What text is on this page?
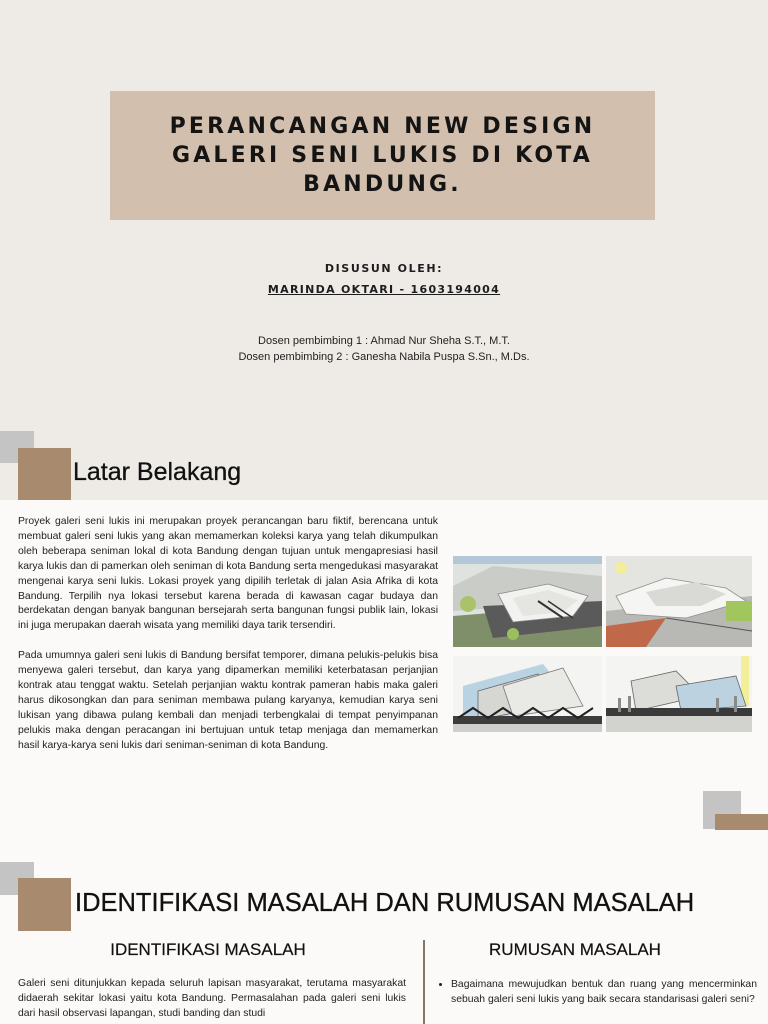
PERANCANGAN NEW DESIGN
GALERI SENI LUKIS DI KOTA
BANDUNG.
DISUSUN OLEH:
MARINDA OKTARI - 1603194004
Dosen pembimbing 1 : Ahmad Nur Sheha S.T., M.T.
Dosen pembimbing 2 : Ganesha Nabila Puspa S.Sn., M.Ds.
Latar Belakang

Proyek galeri seni lukis ini merupakan proyek perancangan baru fiktif, berencana untuk membuat galeri seni lukis yang akan memamerkan koleksi karya yang telah dikumpulkan oleh beberapa seniman lokal di kota Bandung dengan tujuan untuk mengapresiasi hasil karya lukis dan di pamerkan oleh seniman di kota Bandung serta mengedukasi masyarakat mengenai karya seni lukis. Lokasi proyek yang dipilih terletak di jalan Asia Afrika di kota Bandung. Terpilih nya lokasi tersebut karena berada di kawasan cagar budaya dan berdekatan dengan banyak bangunan bersejarah serta bangunan fungsi publik lain, lokasi ini juga merupakan daerah wisata yang memiliki daya tarik tersendiri.

Pada umumnya galeri seni lukis di Bandung bersifat temporer, dimana pelukis-pelukis bisa menyewa galeri tersebut, dan karya yang dipamerkan memiliki keterbatasan perjanjian kontrak atau tenggat waktu. Setelah perjanjian waktu kontrak pameran habis maka galeri harus dikosongkan dan para seniman membawa pulang karyanya, kemudian karya seni lukisan yang dibawa pulang kembali dan menjadi terbengkalai di tempat penyimpanan pelukis maka dengan peracangan ini bertujuan untuk tetap menjaga dan memamerkan hasil karya-karya seni lukis dari seniman-seniman di kota Bandung.

IDENTIFIKASI MASALAH DAN RUMUSAN MASALAH
IDENTIFIKASI MASALAH	RUMUSAN MASALAH
Galeri seni ditunjukkan kepada seluruh lapisan masyarakat, terutama masyarakat didaerah sekitar lokasi yaitu kota Bandung. Permasalahan pada galeri seni lukis dari hasil observasi lapangan, studi banding dan studi
• Bagaimana mewujudkan bentuk dan ruang yang mencerminkan sebuah galeri seni lukis yang baik secara standarisasi galeri seni?
